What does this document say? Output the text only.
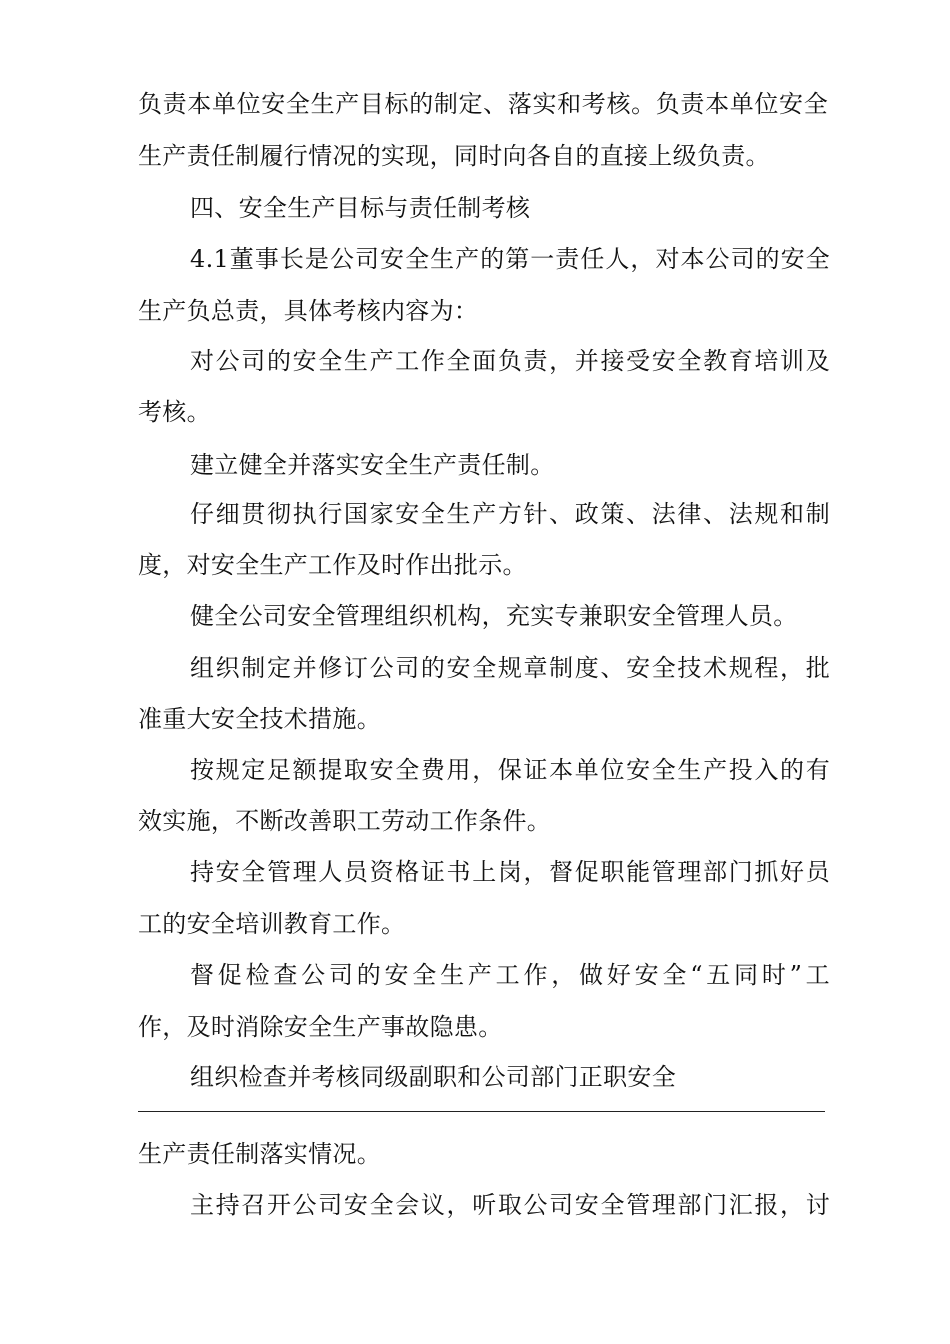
负责本单位安全生产目标的制定、落实和考核。负责本单位安全
生产责任制履行情况的实现，同时向各自的直接上级负责。
四、安全生产目标与责任制考核
4.1董事长是公司安全生产的第一责任人，对本公司的安全
生产负总责，具体考核内容为：
对公司的安全生产工作全面负责，并接受安全教育培训及
考核。
建立健全并落实安全生产责任制。
仔细贯彻执行国家安全生产方针、政策、法律、法规和制
度，对安全生产工作及时作出批示。
健全公司安全管理组织机构，充实专兼职安全管理人员。
组织制定并修订公司的安全规章制度、安全技术规程，批
准重大安全技术措施。
按规定足额提取安全费用，保证本单位安全生产投入的有
效实施，不断改善职工劳动工作条件。
持安全管理人员资格证书上岗，督促职能管理部门抓好员
工的安全培训教育工作。
督促检查公司的安全生产工作，做好安全“五同时”工
作，及时消除安全生产事故隐患。
组织检查并考核同级副职和公司部门正职安全
生产责任制落实情况。
主持召开公司安全会议，听取公司安全管理部门汇报，讨
